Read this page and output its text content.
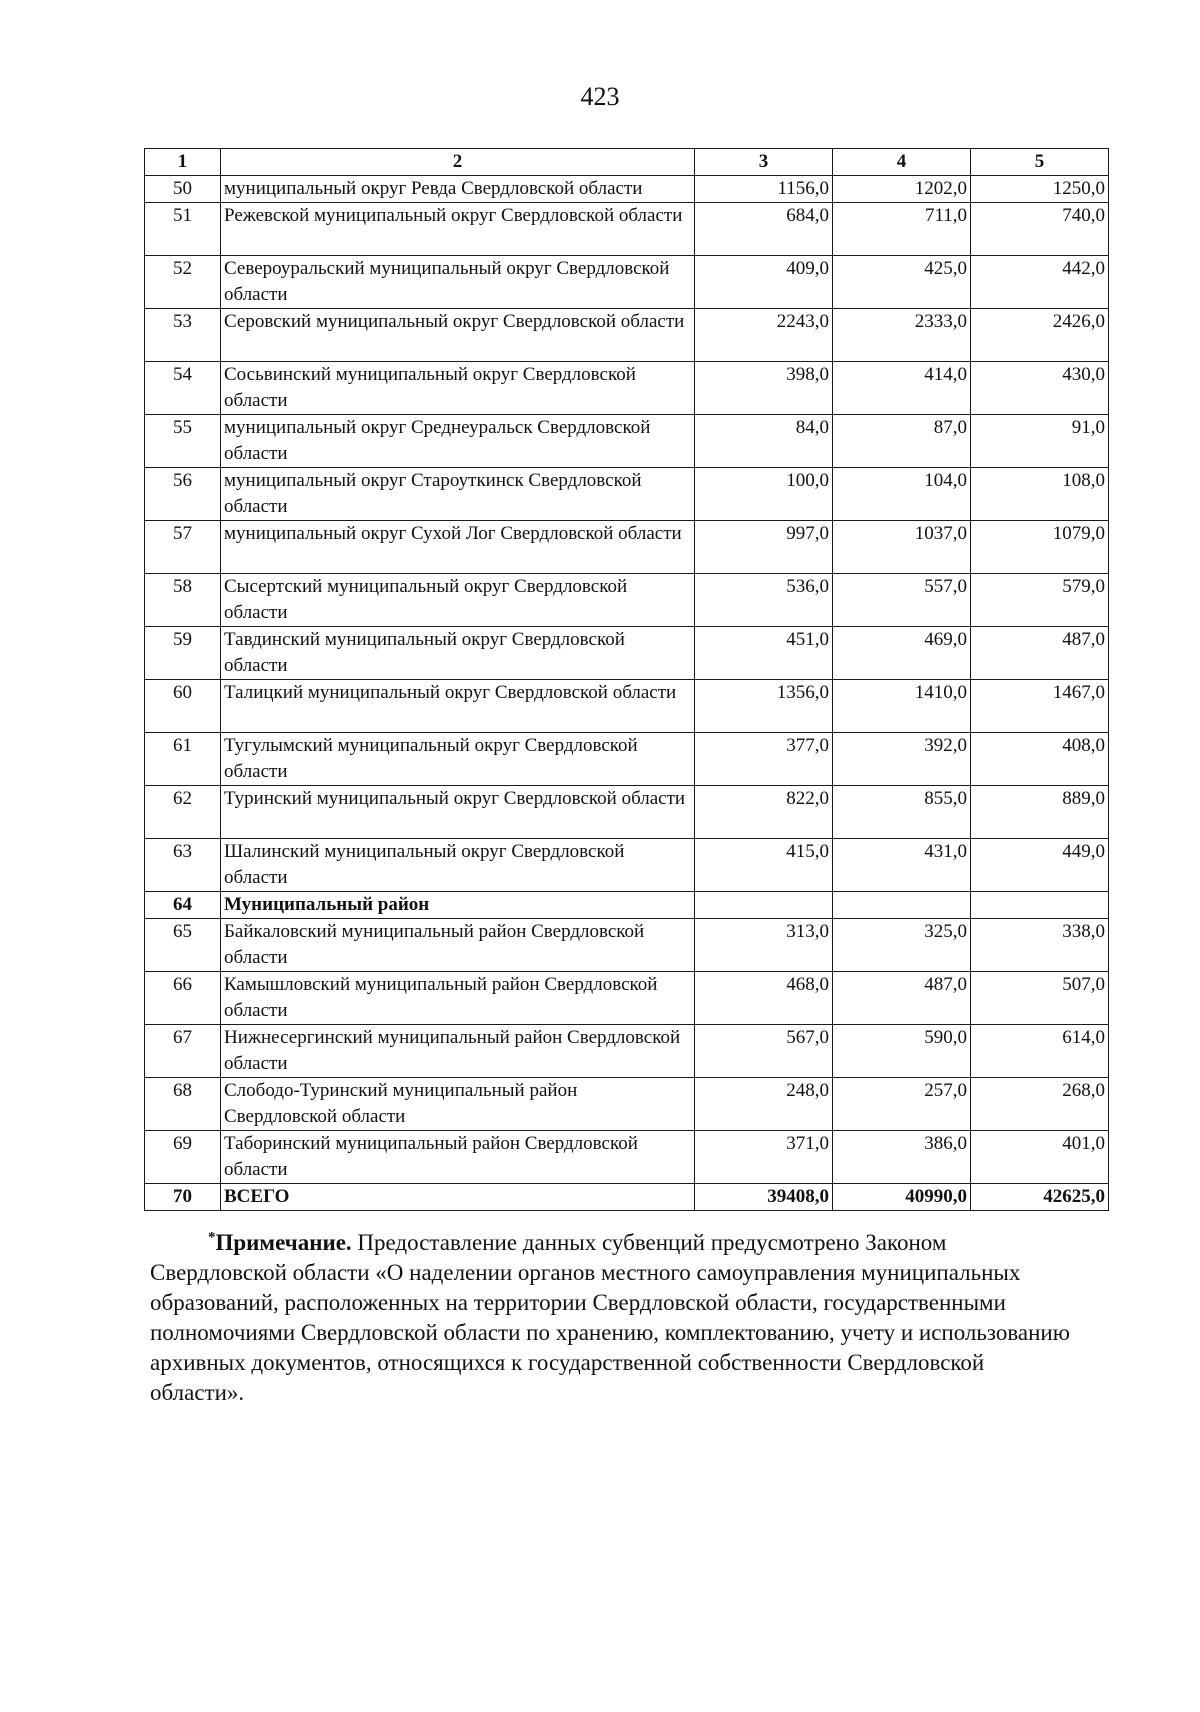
423
1	2	3	4	5
50	муниципальный округ Ревда Свердловской области	1156,0	1202,0	1250,0
51	Режевской муниципальный округ Свердловской области	684,0	711,0	740,0
52	Североуральский муниципальный округ Свердловской области	409,0	425,0	442,0
53	Серовский муниципальный округ Свердловской области	2243,0	2333,0	2426,0
54	Сосьвинский муниципальный округ Свердловской области	398,0	414,0	430,0
55	муниципальный округ Среднеуральск Свердловской области	84,0	87,0	91,0
56	муниципальный округ Староуткинск Свердловской области	100,0	104,0	108,0
57	муниципальный округ Сухой Лог Свердловской области	997,0	1037,0	1079,0
58	Сысертский муниципальный округ Свердловской области	536,0	557,0	579,0
59	Тавдинский муниципальный округ Свердловской области	451,0	469,0	487,0
60	Талицкий муниципальный округ Свердловской области	1356,0	1410,0	1467,0
61	Тугулымский муниципальный округ Свердловской области	377,0	392,0	408,0
62	Туринский муниципальный округ Свердловской области	822,0	855,0	889,0
63	Шалинский муниципальный округ Свердловской области	415,0	431,0	449,0
64	Муниципальный район			
65	Байкаловский муниципальный район Свердловской области	313,0	325,0	338,0
66	Камышловский муниципальный район Свердловской области	468,0	487,0	507,0
67	Нижнесергинский муниципальный район Свердловской области	567,0	590,0	614,0
68	Слободо-Туринский муниципальный район Свердловской области	248,0	257,0	268,0
69	Таборинский муниципальный район Свердловской области	371,0	386,0	401,0
70	ВСЕГО	39408,0	40990,0	42625,0
*Примечание. Предоставление данных субвенций предусмотрено Законом Свердловской области «О наделении органов местного самоуправления муниципальных образований, расположенных на территории Свердловской области, государственными полномочиями Свердловской области по хранению, комплектованию, учету и использованию архивных документов, относящихся к государственной собственности Свердловской области».
